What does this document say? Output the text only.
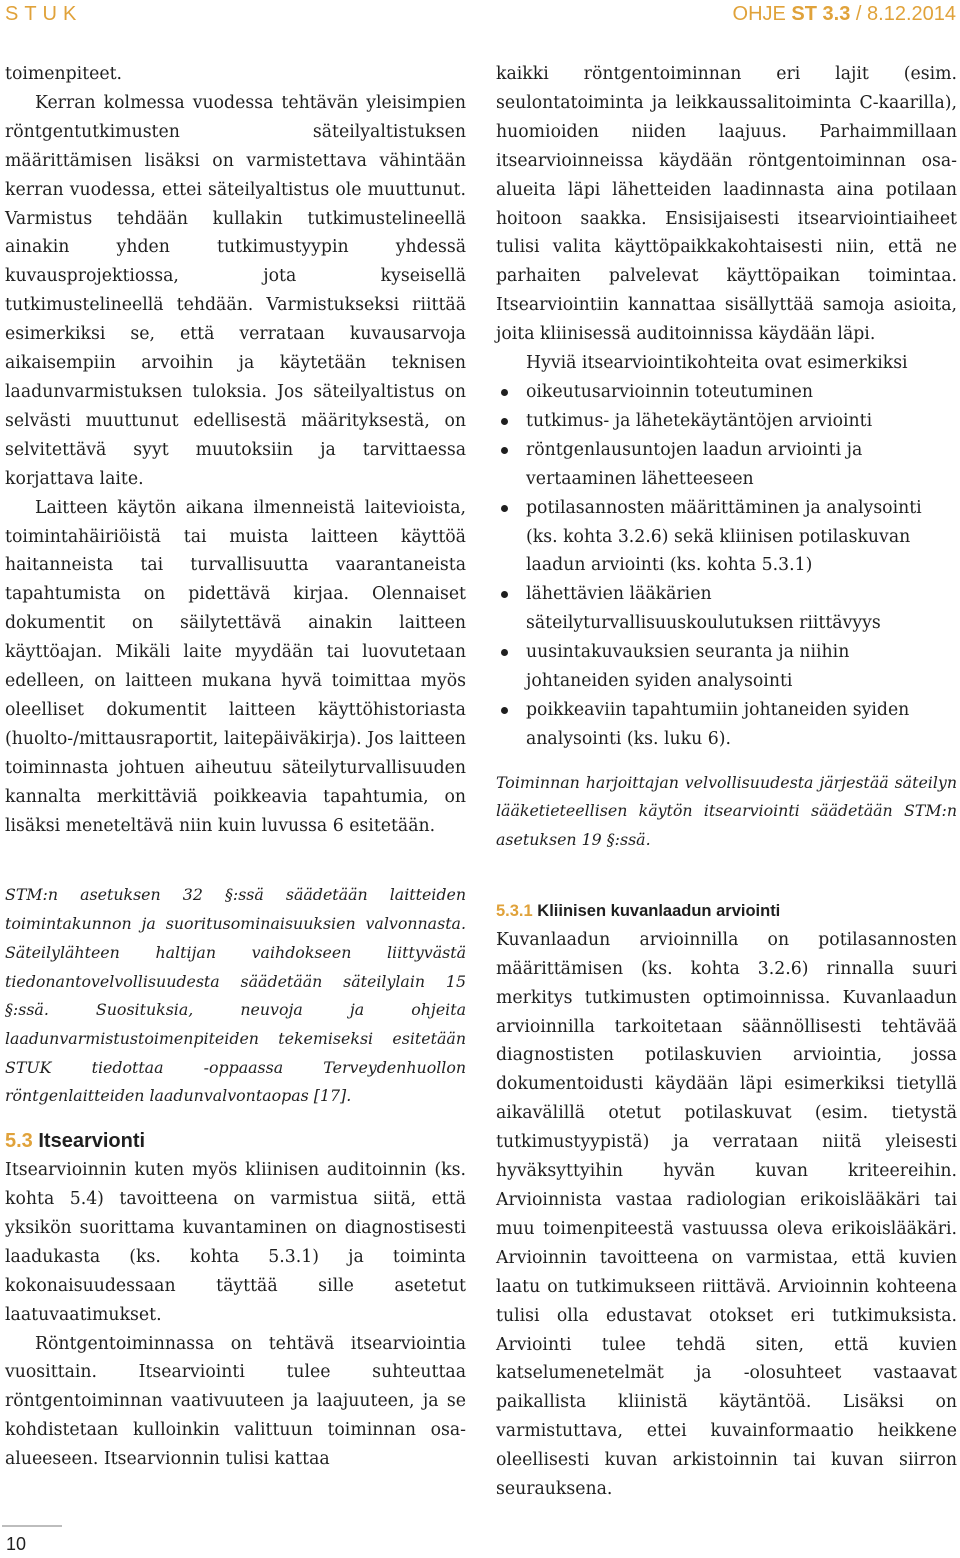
STUK	OHJE ST 3.3 / 8.12.2014

toimenpiteet.

Kerran kolmessa vuodessa tehtävän yleisimpien röntgentutkimusten säteilyaltistuksen määrittämisen lisäksi on varmistettava vähintään kerran vuodessa, ettei säteilyaltistus ole muuttunut. Varmistus tehdään kullakin tutkimustelineellä ainakin yhden tutkimustyypin yhdessä kuvausprojektiossa, jota kyseisellä tutkimustelineellä tehdään. Varmistukseksi riittää esimerkiksi se, että verrataan kuvausarvoja aikaisempiin arvoihin ja käytetään teknisen laadunvarmistuksen tuloksia. Jos säteilyaltistus on selvästi muuttunut edellisestä määrityksestä, on selvitettävä syyt muutoksiin ja tarvittaessa korjattava laite.

Laitteen käytön aikana ilmenneistä laitevioista, toimintahäiriöistä tai muista laitteen käyttöä haitanneista tai turvallisuutta vaarantaneista tapahtumista on pidettävä kirjaa. Olennaiset dokumentit on säilytettävä ainakin laitteen käyttöajan. Mikäli laite myydään tai luovutetaan edelleen, on laitteen mukana hyvä toimittaa myös oleelliset dokumentit laitteen käyttöhistoriasta (huolto-/mittausraportit, laitepäiväkirja). Jos laitteen toiminnasta johtuen aiheutuu säteilyturvallisuuden kannalta merkittäviä poikkeavia tapahtumia, on lisäksi meneteltävä niin kuin luvussa 6 esitetään.

STM:n asetuksen 32 §:ssä säädetään laitteiden toimintakunnon ja suoritusominaisuuksien valvonnasta. Säteilylähteen haltijan vaihdokseen liittyvästä tiedonantovelvollisuudesta säädetään säteilylain 15 §:ssä. Suosituksia, neuvoja ja ohjeita laadunvarmistustoimenpiteiden tekemiseksi esitetään STUK tiedottaa -oppaassa Terveydenhuollon röntgenlaitteiden laadunvalvontaopas [17].

5.3 Itsearvionti

Itsearvioinnin kuten myös kliinisen auditoinnin (ks. kohta 5.4) tavoitteena on varmistua siitä, että yksikön suorittama kuvantaminen on diagnostisesti laadukasta (ks. kohta 5.3.1) ja toiminta kokonaisuudessaan täyttää sille asetetut laatuvaatimukset.

Röntgentoiminnassa on tehtävä itsearviointia vuosittain. Itsearviointi tulee suhteuttaa röntgentoiminnan vaativuuteen ja laajuuteen, ja se kohdistetaan kulloinkin valittuun toiminnan osa-alueeseen. Itsearvionnin tulisi kattaa

kaikki röntgentoiminnan eri lajit (esim. seulontatoiminta ja leikkaussalitoiminta C-kaarilla), huomioiden niiden laajuus. Parhaimmillaan itsearvioinneissa käydään röntgentoiminnan osa-alueita läpi lähetteiden laadinnasta aina potilaan hoitoon saakka. Ensisijaisesti itsearviointiaiheet tulisi valita käyttöpaikkakohtaisesti niin, että ne parhaiten palvelevat käyttöpaikan toimintaa. Itsearviointiin kannattaa sisällyttää samoja asioita, joita kliinisessä auditoinnissa käydään läpi.

Hyviä itsearviointikohteita ovat esimerkiksi

oikeutusarvioinnin toteutuminen
tutkimus- ja lähetekäytäntöjen arviointi
röntgenlausuntojen laadun arviointi ja vertaaminen lähetteeseen
potilasannosten määrittäminen ja analysointi (ks. kohta 3.2.6) sekä kliinisen potilaskuvan laadun arviointi (ks. kohta 5.3.1)
lähettävien lääkärien säteilyturvallisuuskoulutuksen riittävyys
uusintakuvauksien seuranta ja niihin johtaneiden syiden analysointi
poikkeaviin tapahtumiin johtaneiden syiden analysointi (ks. luku 6).

Toiminnan harjoittajan velvollisuudesta järjestää säteilyn lääketieteellisen käytön itsearviointi säädetään STM:n asetuksen 19 §:ssä.

5.3.1 Kliinisen kuvanlaadun arviointi

Kuvanlaadun arvioinnilla on potilasannosten määrittämisen (ks. kohta 3.2.6) rinnalla suuri merkitys tutkimusten optimoinnissa. Kuvanlaadun arvioinnilla tarkoitetaan säännöllisesti tehtävää diagnostisten potilaskuvien arviointia, jossa dokumentoidusti käydään läpi esimerkiksi tietyllä aikavälillä otetut potilaskuvat (esim. tietystä tutkimustyypistä) ja verrataan niitä yleisesti hyväksyttyihin hyvän kuvan kriteereihin. Arvioinnista vastaa radiologian erikoislääkäri tai muu toimenpiteestä vastuussa oleva erikoislääkäri. Arvioinnin tavoitteena on varmistaa, että kuvien laatu on tutkimukseen riittävä. Arvioinnin kohteena tulisi olla edustavat otokset eri tutkimuksista. Arviointi tulee tehdä siten, että kuvien katselumenetelmät ja -olosuhteet vastaavat paikallista kliinistä käytäntöä. Lisäksi on varmistuttava, ettei kuvainformaatio heikkene oleellisesti kuvan arkistoinnin tai kuvan siirron seurauksena.

10
